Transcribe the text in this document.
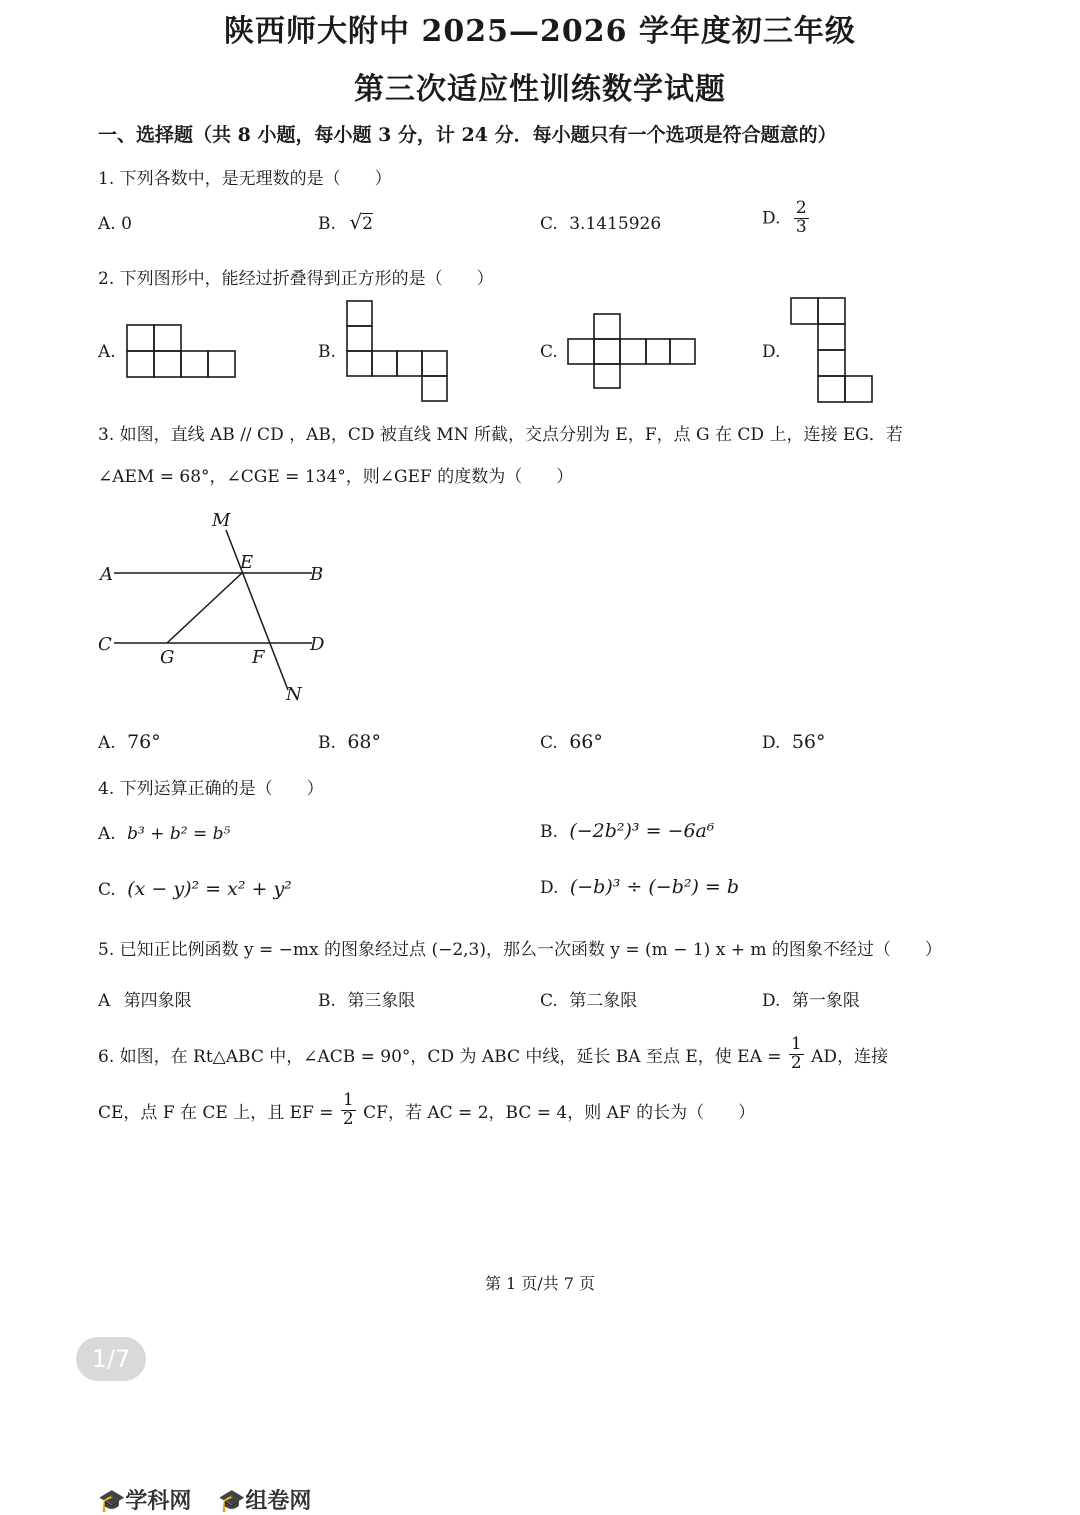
陕西师大附中 2025—2026 学年度初三年级
第三次适应性训练数学试题
一、选择题（共 8 小题，每小题 3 分，计 24 分．每小题只有一个选项是符合题意的）
1. 下列各数中，是无理数的是（　　）
A. 0	B. √2	C. 3.1415926	D. $\frac{2}{3}$
2. 下列图形中，能经过折叠得到正方形的是（　　）
A.	B.	C.	D.
3. 如图，直线 AB // CD ，AB，CD 被直线 MN 所截，交点分别为 E，F，点 G 在 CD 上，连接 EG．若
∠AEM = 68°，∠CGE = 134°，则∠GEF 的度数为（　　）
M
E
A	B
C
G	F
D
N
A. 76°	B. 68°	C. 66°	D. 56°
4. 下列运算正确的是（　　）
A. b³ + b² = b⁵	B. (−2b²)³ = −6a⁶
C. (x − y)² = x² + y²	D. (−b)³ ÷ (−b²) = b
5. 已知正比例函数 y = −mx 的图象经过点 (−2,3)，那么一次函数 y = (m − 1) x + m 的图象不经过（　　）
A 第四象限	B. 第三象限	C. 第二象限	D. 第一象限
6. 如图，在 Rt△ABC 中，∠ACB = 90°，CD 为 ABC 中线，延长 BA 至点 E，使 EA = $\frac{1}{2}$ AD，连接
CE，点 F 在 CE 上，且 EF = $\frac{1}{2}$ CF，若 AC = 2，BC = 4，则 AF 的长为（　　）
第 1 页/共 7 页
1/7
🎓学科网 🎓组卷网
